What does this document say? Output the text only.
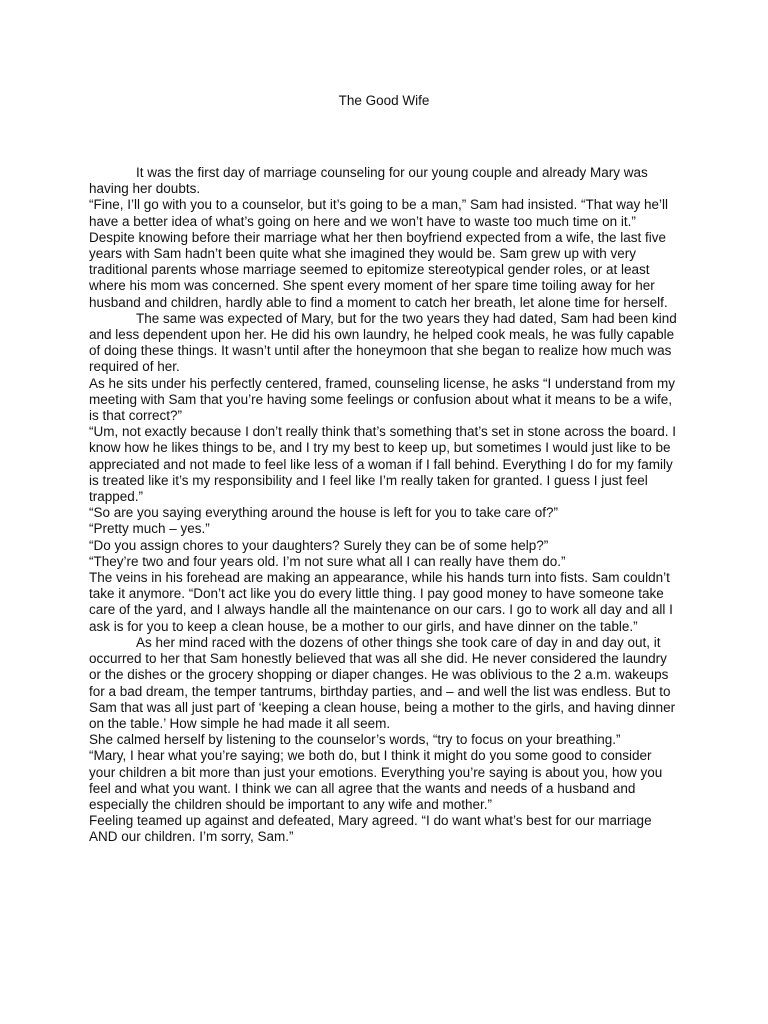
The Good Wife

It was the first day of marriage counseling for our young couple and already Mary was having her doubts.

“Fine, I’ll go with you to a counselor, but it’s going to be a man,” Sam had insisted. “That way he’ll have a better idea of what’s going on here and we won’t have to waste too much time on it.”

Despite knowing before their marriage what her then boyfriend expected from a wife, the last five years with Sam hadn’t been quite what she imagined they would be. Sam grew up with very traditional parents whose marriage seemed to epitomize stereotypical gender roles, or at least where his mom was concerned. She spent every moment of her spare time toiling away for her husband and children, hardly able to find a moment to catch her breath, let alone time for herself.

The same was expected of Mary, but for the two years they had dated, Sam had been kind and less dependent upon her. He did his own laundry, he helped cook meals, he was fully capable of doing these things. It wasn’t until after the honeymoon that she began to realize how much was required of her.

As he sits under his perfectly centered, framed, counseling license, he asks “I understand from my meeting with Sam that you’re having some feelings or confusion about what it means to be a wife, is that correct?”

“Um, not exactly because I don’t really think that’s something that’s set in stone across the board. I know how he likes things to be, and I try my best to keep up, but sometimes I would just like to be appreciated and not made to feel like less of a woman if I fall behind. Everything I do for my family is treated like it’s my responsibility and I feel like I’m really taken for granted. I guess I just feel trapped.”

“So are you saying everything around the house is left for you to take care of?”

“Pretty much – yes.”

“Do you assign chores to your daughters? Surely they can be of some help?”

“They’re two and four years old. I’m not sure what all I can really have them do.”

The veins in his forehead are making an appearance, while his hands turn into fists. Sam couldn’t take it anymore. “Don’t act like you do every little thing. I pay good money to have someone take care of the yard, and I always handle all the maintenance on our cars. I go to work all day and all I ask is for you to keep a clean house, be a mother to our girls, and have dinner on the table.”

As her mind raced with the dozens of other things she took care of day in and day out, it occurred to her that Sam honestly believed that was all she did. He never considered the laundry or the dishes or the grocery shopping or diaper changes. He was oblivious to the 2 a.m. wakeups for a bad dream, the temper tantrums, birthday parties, and – and well the list was endless. But to Sam that was all just part of ‘keeping a clean house, being a mother to the girls, and having dinner on the table.’ How simple he had made it all seem.

She calmed herself by listening to the counselor’s words, “try to focus on your breathing.”

“Mary, I hear what you’re saying; we both do, but I think it might do you some good to consider your children a bit more than just your emotions. Everything you’re saying is about you, how you feel and what you want. I think we can all agree that the wants and needs of a husband and especially the children should be important to any wife and mother.”

Feeling teamed up against and defeated, Mary agreed. “I do want what’s best for our marriage AND our children. I’m sorry, Sam.”
